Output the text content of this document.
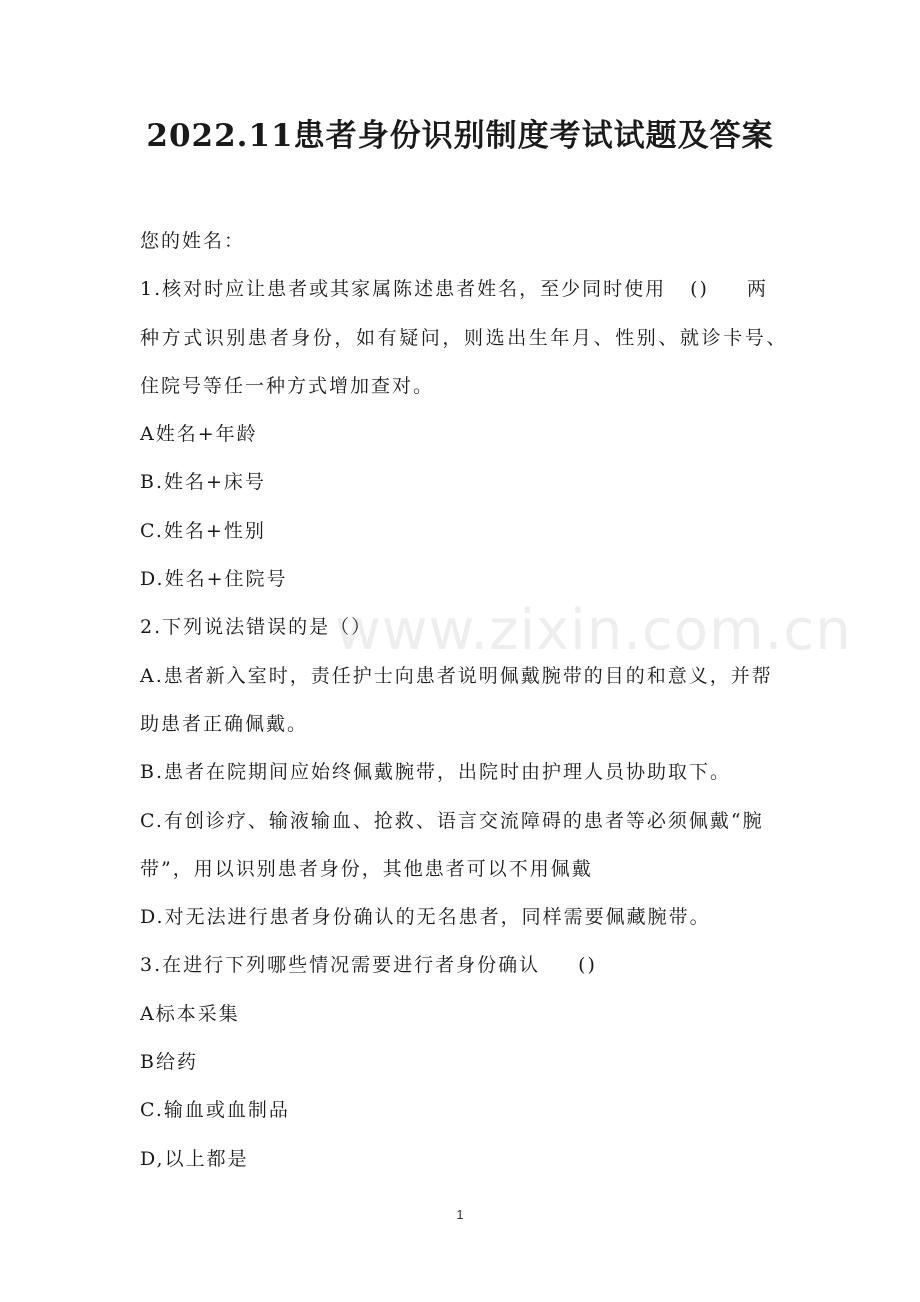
2022.11患者身份识别制度考试试题及答案
您的姓名：
1.核对时应让患者或其家属陈述患者姓名，至少同时使用 () 两
种方式识别患者身份，如有疑问，则选出生年月、性别、就诊卡号、
住院号等任一种方式增加查对。
A姓名+年龄
B.姓名+床号
C.姓名+性别
D.姓名+住院号
2.下列说法错误的是（）
A.患者新入室时，责任护士向患者说明佩戴腕带的目的和意义，并帮
助患者正确佩戴。
B.患者在院期间应始终佩戴腕带，出院时由护理人员协助取下。
C.有创诊疗、输液输血、抢救、语言交流障碍的患者等必须佩戴“腕
带”，用以识别患者身份，其他患者可以不用佩戴
D.对无法进行患者身份确认的无名患者，同样需要佩藏腕带。
3.在进行下列哪些情况需要进行者身份确认 ()
A标本采集
B给药
C.输血或血制品
D,以上都是
www.zixin.com.cn
1
